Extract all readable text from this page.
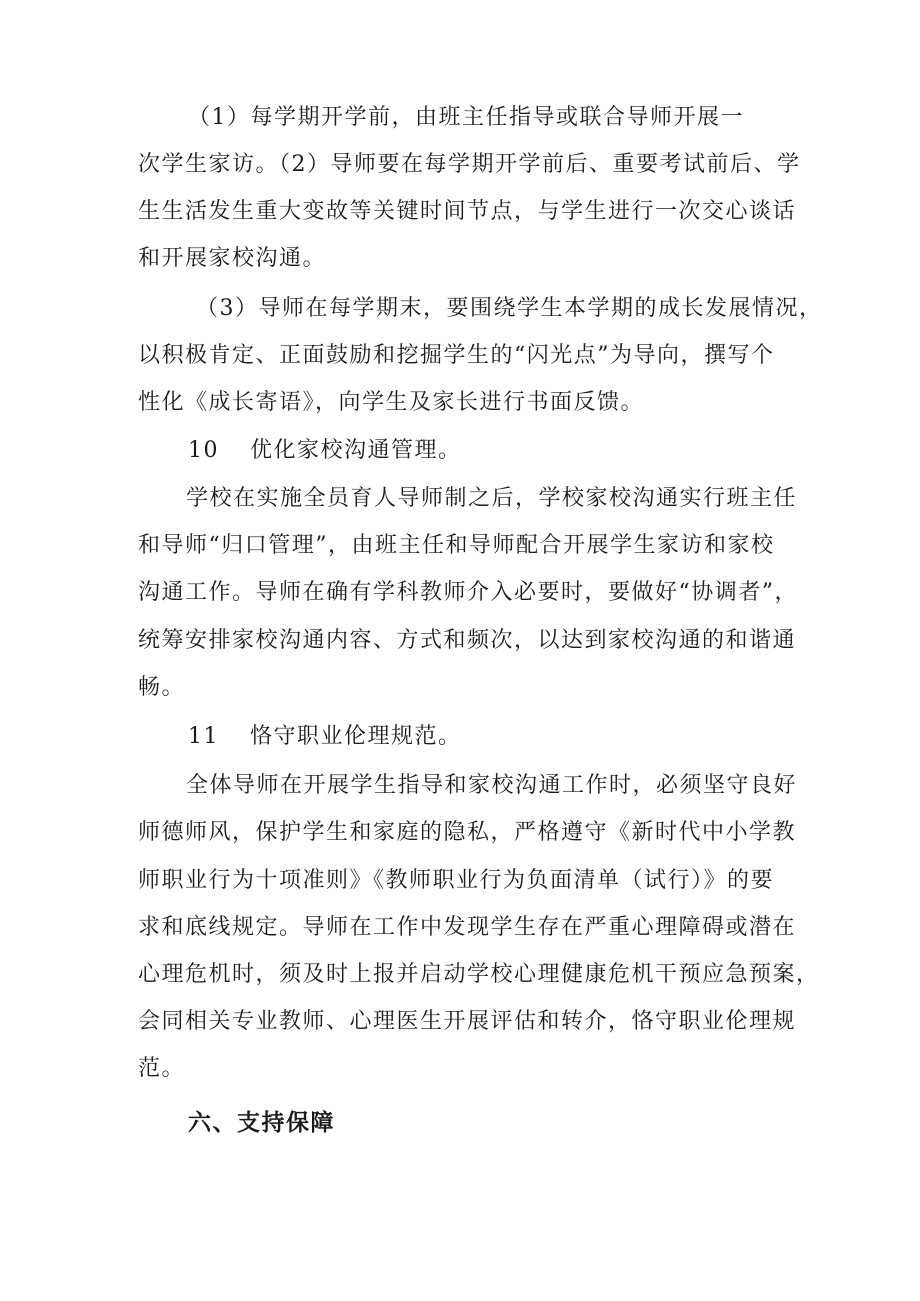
（1）每学期开学前，由班主任指导或联合导师开展一

次学生家访。（2）导师要在每学期开学前后、重要考试前后、学

生生活发生重大变故等关键时间节点，与学生进行一次交心谈话

和开展家校沟通。

（3）导师在每学期末，要围绕学生本学期的成长发展情况，

以积极肯定、正面鼓励和挖掘学生的“闪光点”为导向，撰写个

性化《成长寄语》，向学生及家长进行书面反馈。

10 优化家校沟通管理。

学校在实施全员育人导师制之后，学校家校沟通实行班主任

和导师“归口管理”，由班主任和导师配合开展学生家访和家校

沟通工作。导师在确有学科教师介入必要时，要做好“协调者”，

统筹安排家校沟通内容、方式和频次，以达到家校沟通的和谐通

畅。

11 恪守职业伦理规范。

全体导师在开展学生指导和家校沟通工作时，必须坚守良好

师德师风，保护学生和家庭的隐私，严格遵守《新时代中小学教

师职业行为十项准则》《教师职业行为负面清单（试行）》的要

求和底线规定。导师在工作中发现学生存在严重心理障碍或潜在

心理危机时，须及时上报并启动学校心理健康危机干预应急预案，

会同相关专业教师、心理医生开展评估和转介，恪守职业伦理规

范。

六、支持保障
